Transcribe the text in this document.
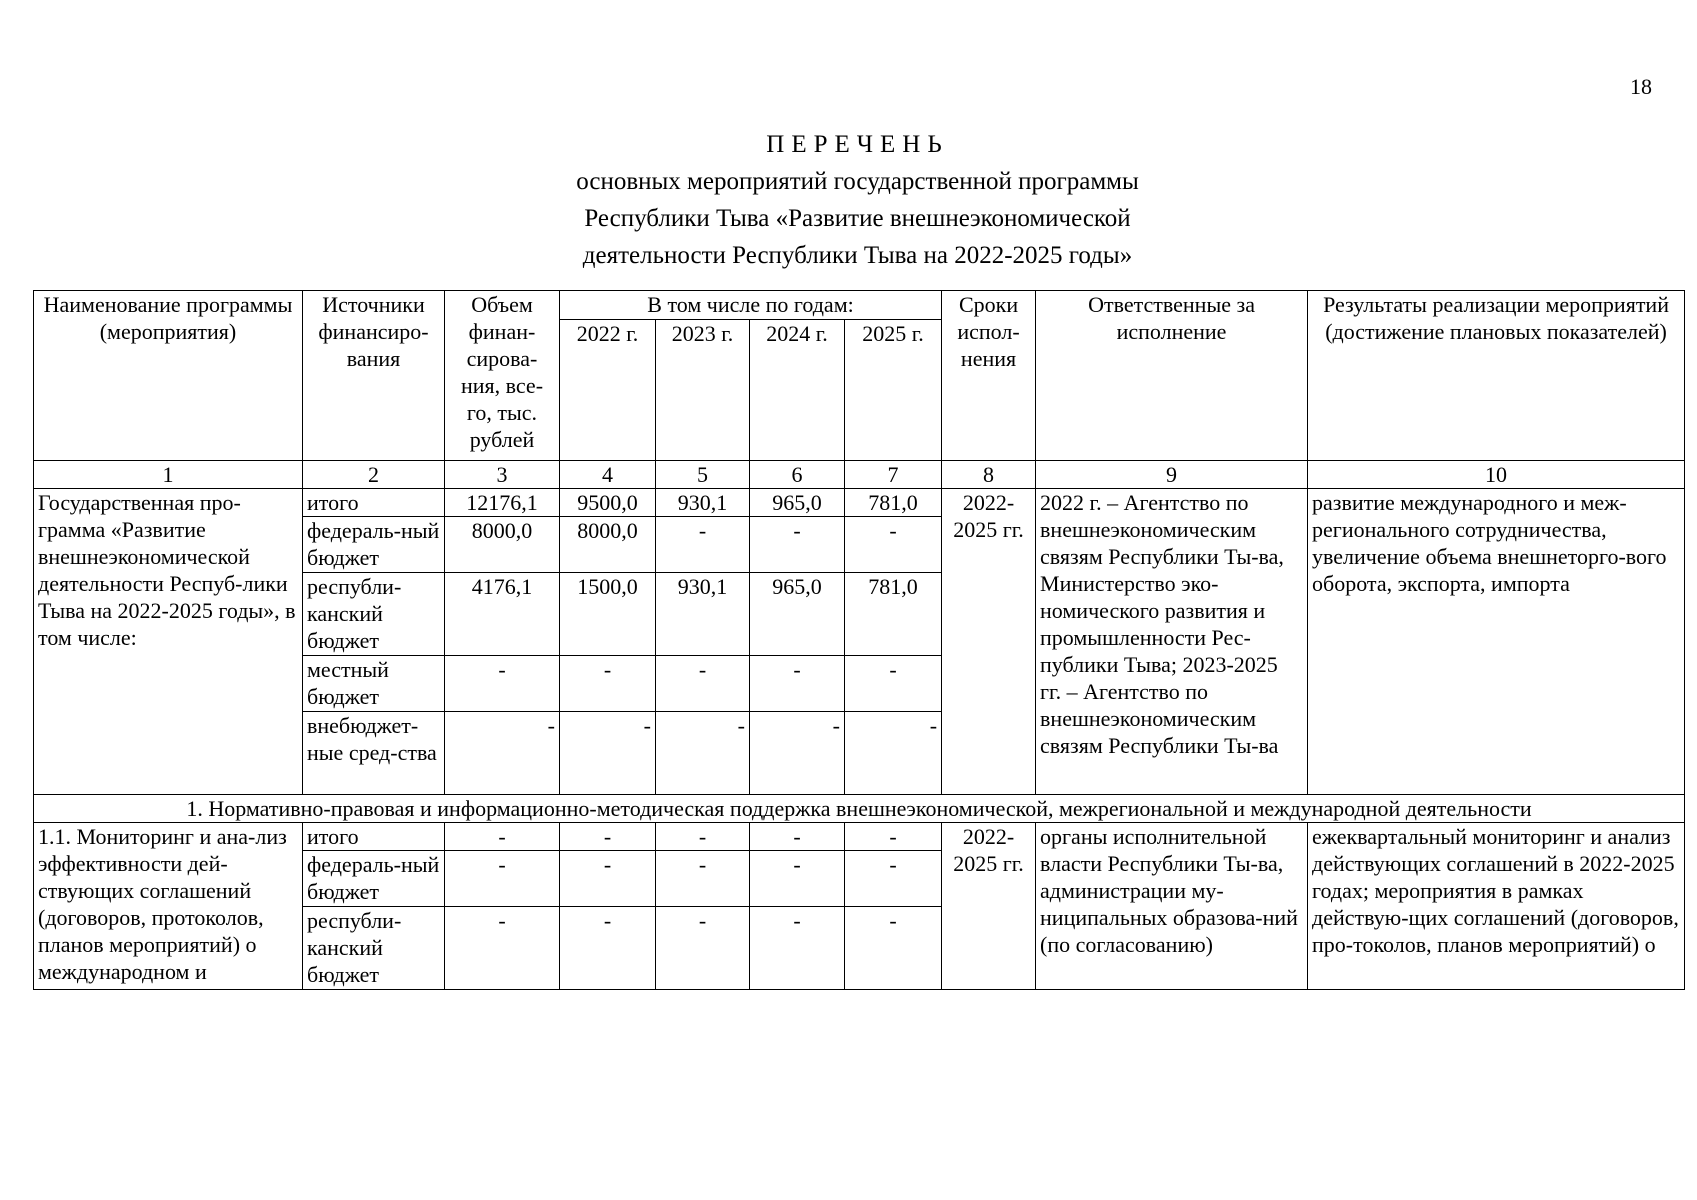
18
ПЕРЕЧЕНЬ
основных мероприятий государственной программы
Республики Тыва «Развитие внешнеэкономической
деятельности Республики Тыва на 2022-2025 годы»
Наименование программы (мероприятия)	Источники финансиро-вания	Объем финан-сирова-ния, все-го, тыс. рублей	В том числе по годам:				Сроки испол-нения	Ответственные за исполнение	Результаты реализации мероприятий (достижение плановых показателей)
			2022 г.	2023 г.	2024 г.	2025 г.			
1	2	3	4	5	6	7	8	9	10
Государственная про-грамма «Развитие внешнеэкономической деятельности Респуб-лики Тыва на 2022-2025 годы», в том числе:	итого	12176,1	9500,0	930,1	965,0	781,0	2022-2025 гг.	2022 г. – Агентство по внешнеэкономическим связям Республики Ты-ва, Министерство эко-номического развития и промышленности Рес-публики Тыва; 2023-2025 гг. – Агентство по внешнеэкономическим связям Республики Ты-ва	развитие международного и меж-регионального сотрудничества, увеличение объема внешнеторго-вого оборота, экспорта, импорта
	федераль-ный бюджет	8000,0	8000,0	-	-	-			
	республи-канский бюджет	4176,1	1500,0	930,1	965,0	781,0			
	местный бюджет	-	-	-	-	-			
	внебюджет-ные сред-ства	-	-	-	-	-			
1. Нормативно-правовая и информационно-методическая поддержка внешнеэкономической, межрегиональной и международной деятельности									
1.1. Мониторинг и ана-лиз эффективности дей-ствующих соглашений (договоров, протоколов, планов мероприятий) о международном и	итого	-	-	-	-	-	2022-2025 гг.	органы исполнительной власти Республики Ты-ва, администрации му-ниципальных образова-ний (по согласованию)	ежеквартальный мониторинг и анализ действующих соглашений в 2022-2025 годах; мероприятия в рамках действую-щих соглашений (договоров, про-токолов, планов мероприятий) о
	федераль-ный бюджет	-	-	-	-	-			
	республи-канский бюджет	-	-	-	-	-			
